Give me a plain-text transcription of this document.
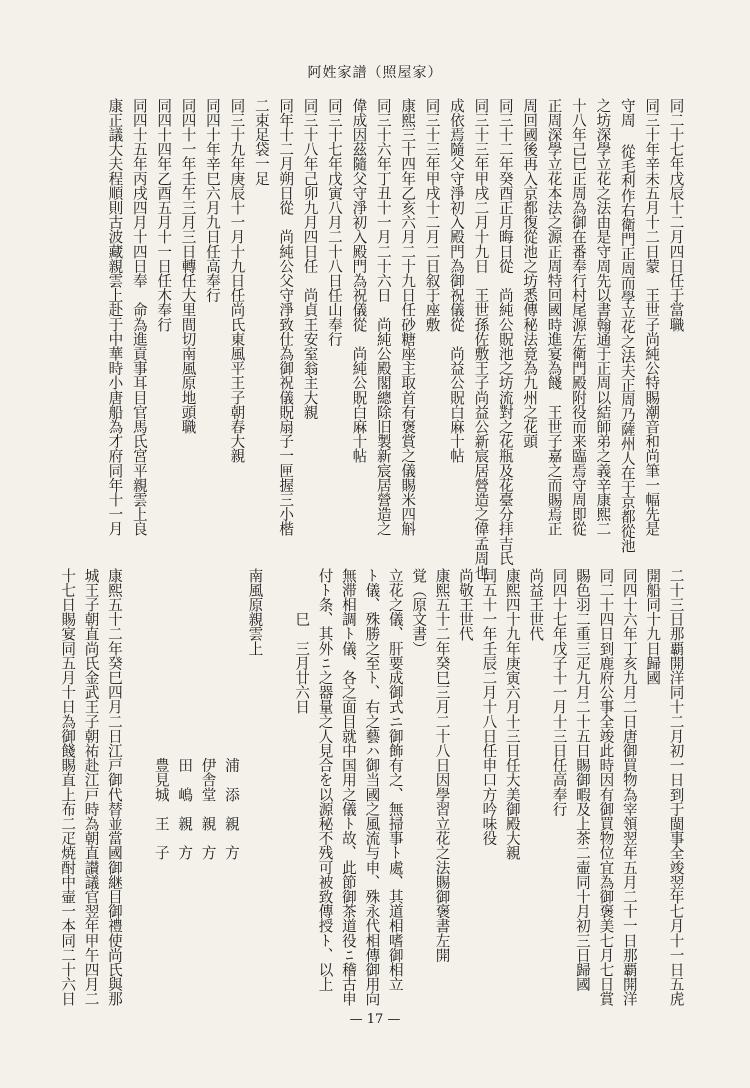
阿姓家譜（照屋家）
同二十七年戊辰十二月四日任于當職
同三十年辛未五月十二日蒙　王世子尚純公特賜潮音和尚筆一幅先是
守周 從毛利作右衛門正周而學立花之法夫正周乃薩州人在于京都從池
之坊深學立花之法由是守周先以書翰通于正周以結師弟之義辛康熙二
十八年己巳正周為御在番奉行村尾源左衛門殿附役而来臨焉守周即從
正周深學立花本法之源正周特回國時進宴為餞　王世子嘉之而賜焉正
周回國後再入京都復從池之坊悉傳秘法竟為九州之花頭
同三十二年癸酉正月晦日從　尚純公貺池之坊流對之花瓶及花臺分拝吉氏
同三十三年甲戌二月十九日　王世孫佐敷王子尚益公新宸居營造之偉孟周也
成依焉隨父守淨初入殿門為御祝儀從　尚益公貺白麻十帖
同三十三年甲戌十二月二日叙于座敷
康熙三十四年乙亥六月二十九日任砂糖座主取首有褒賞之儀賜米四斛
同三十六年丁丑十一月二十六日　尚純公殿閣總除旧製新宸居營造之
偉成因茲隨父守淨初入殿門為祝儀從　尚純公貺白麻十帖
同三十七年戊寅八月二十八日任山奉行
同三十八年己卯九月四日任　尚貞王安室翁主大親
同年十二月朔日從　尚純公父守淨致仕為御祝儀貺扇子一匣握三小楷
二束足袋一足
同三十九年庚辰十一月十九日任尚氏東風平王子朝春大親
同四十年辛巳六月九日任高奉行
同四十一年壬午三月三日轉任大里間切南風原地頭職
同四十四年乙酉五月十一日任木奉行
同四十五年丙戌四月十四日奉　命為進貢事耳目官馬氏宮平親雲上良
康正議大夫程順則古波藏親雲上赴于中華時小唐船為才府同年十一月
二十三日那覇開洋同十二月初一日到于閩事全竣翌年七月十一日五虎
開船同十九日歸國
同四十六年丁亥九月二日唐御買物為宰領翌年五月二十一日那覇開洋
同二十四日到鹿府公事全竣此時因有御買物位宜為御褒美七月七日賞
賜色羽二重三疋九月二十五日賜御暇及上茶二壷同十月初三日歸國
同四十七年戊子十一月十三日任高奉行
尚益王世代
康熙四十九年庚寅六月十三日任大美御殿大親
同五十一年壬辰二月十八日任申口方吟味役
尚敬王世代
康熙五十二年癸巳三月二十八日因學習立花之法賜御褒書左開
覚（原文書）
立花之儀、肝要成御式ニ御飾有之、無掃事ﾄ處、其道相嗜御相立
ﾄ儀、殊勝之至ﾄ、右之藝ハ御当國之風流与申、殊永代相傳御用向
無滞相調ﾄ儀、各之面目就中国用之儀ﾄ故、此節御茶道役ﾆ稽古申
付ﾄ条、其外ﾆ之器量之人見合を以源秘不残可被致傳授ﾄ、以上
　　　巳　三月廿六日
南風原親雲上
　　　　　　　　　　　　　浦　添　親　方
　　　　　　　　　　　　　伊舎堂　親　方
　　　　　　　　　　　　　田　嶋　親　方
　　　　　　　　　　　　　豊見城　王　子
康熙五十二年癸巳四月二日江戸御代替並當國御継目御禮使尚氏與那
城王子朝直尚氏金武王子朝祐赴江戸時為朝直讃議官翌年甲午四月二
十七日賜宴同五月十日為御餞賜直上布二疋焼酎中壷一本同二十六日
— 17 —
